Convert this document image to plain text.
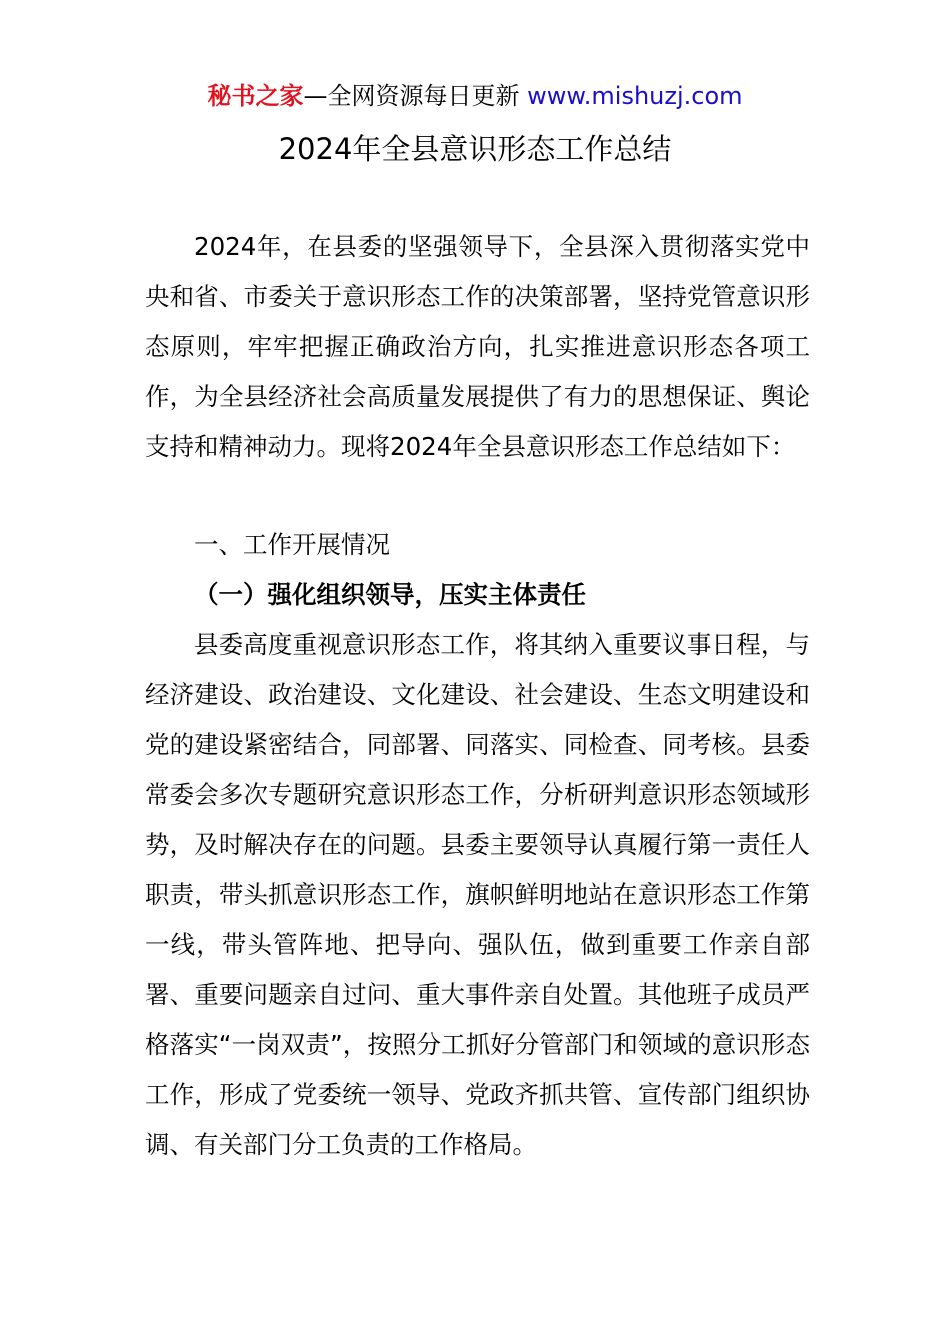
秘书之家—全网资源每日更新 www.mishuzj.com
2024年全县意识形态工作总结
2024年，在县委的坚强领导下，全县深入贯彻落实党中央和省、市委关于意识形态工作的决策部署，坚持党管意识形态原则，牢牢把握正确政治方向，扎实推进意识形态各项工作，为全县经济社会高质量发展提供了有力的思想保证、舆论支持和精神动力。现将2024年全县意识形态工作总结如下：
一、工作开展情况
（一）强化组织领导，压实主体责任
县委高度重视意识形态工作，将其纳入重要议事日程，与经济建设、政治建设、文化建设、社会建设、生态文明建设和党的建设紧密结合，同部署、同落实、同检查、同考核。县委常委会多次专题研究意识形态工作，分析研判意识形态领域形势，及时解决存在的问题。县委主要领导认真履行第一责任人职责，带头抓意识形态工作，旗帜鲜明地站在意识形态工作第一线，带头管阵地、把导向、强队伍，做到重要工作亲自部署、重要问题亲自过问、重大事件亲自处置。其他班子成员严格落实“一岗双责”，按照分工抓好分管部门和领域的意识形态工作，形成了党委统一领导、党政齐抓共管、宣传部门组织协调、有关部门分工负责的工作格局。
